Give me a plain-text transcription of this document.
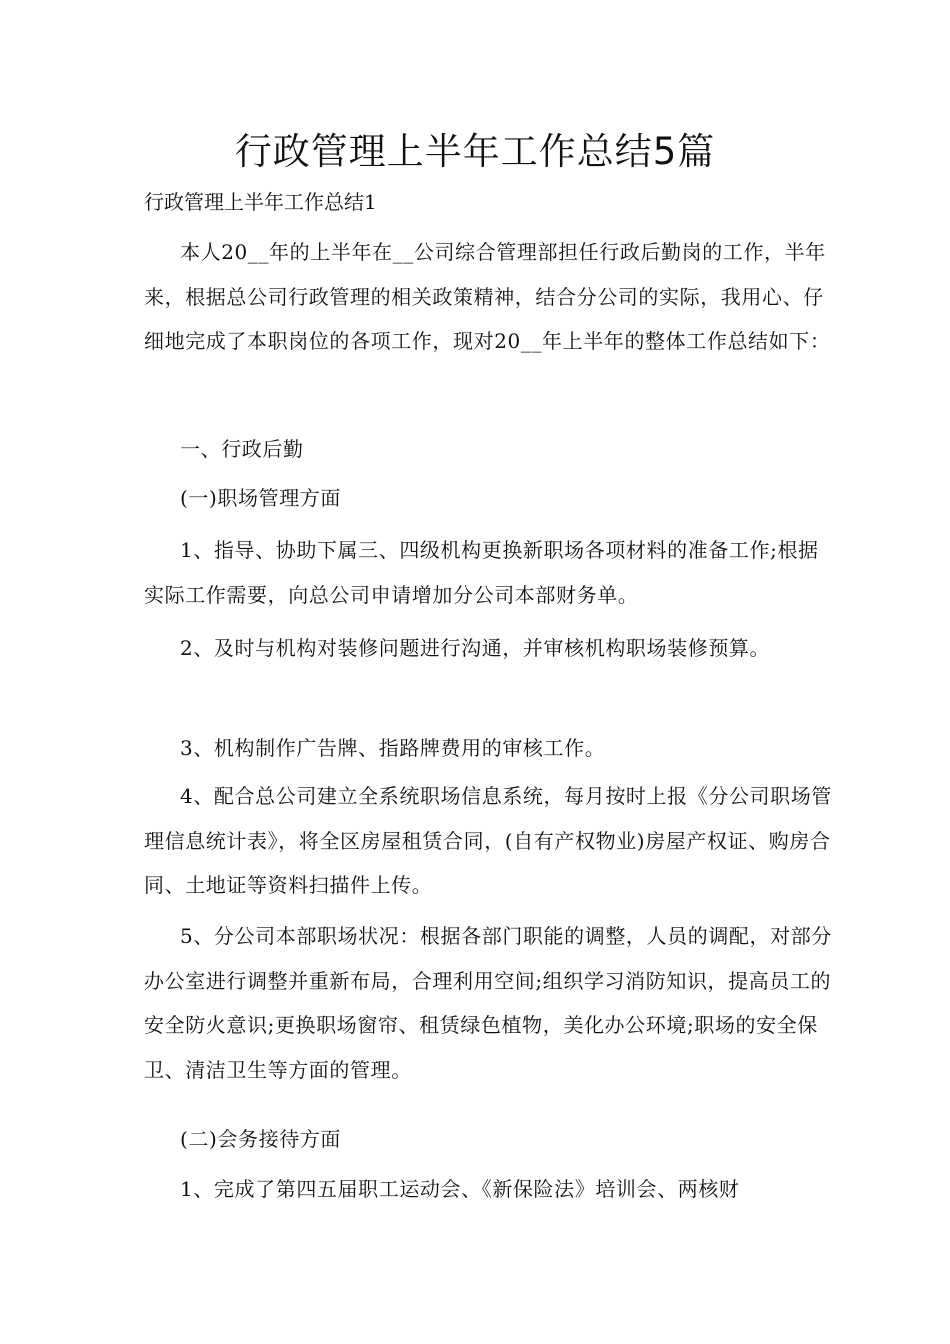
行政管理上半年工作总结5篇
行政管理上半年工作总结1

本人20__年的上半年在__公司综合管理部担任行政后勤岗的工作，半年来，根据总公司行政管理的相关政策精神，结合分公司的实际，我用心、仔细地完成了本职岗位的各项工作，现对20__年上半年的整体工作总结如下：

一、行政后勤

(一)职场管理方面

1、指导、协助下属三、四级机构更换新职场各项材料的准备工作;根据实际工作需要，向总公司申请增加分公司本部财务单。

2、及时与机构对装修问题进行沟通，并审核机构职场装修预算。

3、机构制作广告牌、指路牌费用的审核工作。

4、配合总公司建立全系统职场信息系统，每月按时上报《分公司职场管理信息统计表》，将全区房屋租赁合同，(自有产权物业)房屋产权证、购房合同、土地证等资料扫描件上传。

5、分公司本部职场状况：根据各部门职能的调整，人员的调配，对部分办公室进行调整并重新布局，合理利用空间;组织学习消防知识，提高员工的安全防火意识;更换职场窗帘、租赁绿色植物，美化办公环境;职场的安全保卫、清洁卫生等方面的管理。

(二)会务接待方面

1、完成了第四五届职工运动会、《新保险法》培训会、两核财
